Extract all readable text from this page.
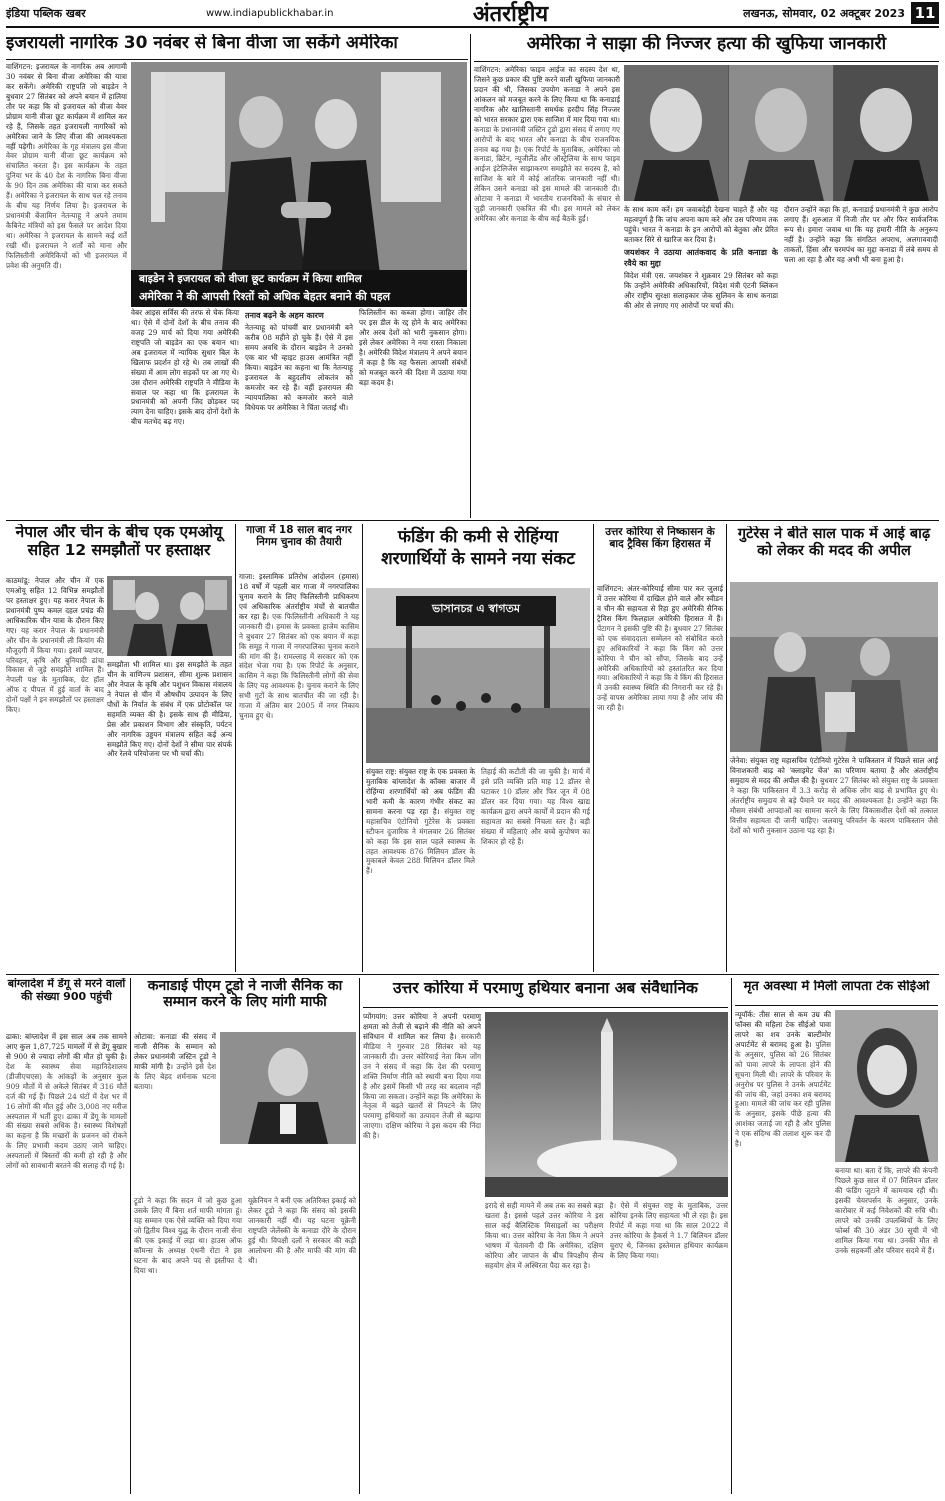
इंडिया पब्लिक खबर	www.indiapublickhabar.in	अंतर्राष्ट्रीय	लखनऊ, सोमवार, 02 अक्टूबर 2023 11
इजरायली नागरिक 30 नवंबर से बिना वीजा जा सकेंगे अमेरिका
वाशिंगटन: इजरायल के नागरिक अब आगामी 30 नवंबर से बिना वीजा अमेरिका की यात्रा कर सकेंगे। अमेरिकी राष्ट्रपति जो बाइडेन ने बुधवार 27 सितंबर को अपने बयान में हालिया तौर पर कहा कि वो इजरायल को वीजा वेवर प्रोग्राम यानी वीजा छूट कार्यक्रम में शामिल कर रहे हैं, जिसके तहत इजरायली नागरिकों को अमेरिका जाने के लिए वीजा की आवश्यकता नहीं पड़ेगी। अमेरिका के गृह मंत्रालय इस वीजा वेवर प्रोग्राम यानी वीजा छूट कार्यक्रम को संचालित करता है। इस कार्यक्रम के तहत दुनिया भर के 40 देश के नागरिक बिना वीजा के 90 दिन तक अमेरिका की यात्रा कर सकते हैं। अमेरिका ने इजरायल के साथ चल रहे तनाव के बीच यह निर्णय लिया है। इजरायल के प्रधानमंत्री बेंजामिन नेतन्याहू ने अपने तमाम कैबिनेट मंत्रियों को इस फैसले पर आदेश दिया था। अमेरिका ने इजरायल के सामने कई शर्तें रखी थीं। इजरायल ने शर्तों को माना और फिलिस्तीनी अमेरिकियों को भी इजरायल में प्रवेश की अनुमति दी।
बाइडेन ने इजरायल को वीजा छूट कार्यक्रम में किया शामिल
अमेरिका ने की आपसी रिश्तों को अधिक बेहतर बनाने की पहल
वेबर आइस सर्विस की तरफ से चेक किया था। ऐसे में दोनों देशों के बीच तनाव की वजह 29 मार्च को दिया गया अमेरिकी राष्ट्रपति जो बाइडेन का एक बयान था। अब इजरायल में न्यायिक सुधार बिल के खिलाफ प्रदर्शन हो रहे थे। तब लाखों की संख्या में आम लोग सड़कों पर आ गए थे। उस दौरान अमेरिकी राष्ट्रपति ने मीडिया के सवाल पर कहा था कि इजरायल के प्रधानमंत्री को अपनी जिद छोड़कर पद त्याग देना चाहिए। इसके बाद दोनों देशों के बीच मतभेद बढ़ गए।
तनाव बढ़ने के अहम कारण
नेतन्याहू को पांचवीं बार प्रधानमंत्री बने करीब 08 महीने हो चुके हैं। ऐसे में इस समय अवधि के दौरान बाइडेन ने उनको एक बार भी व्हाइट हाउस आमंत्रित नहीं किया। बाइडेन का कहना था कि नेतन्याहू इजरायल के बहुदलीय लोकतंत्र को कमजोर कर रहे हैं। वहीं इजरायल की न्यायपालिका को कमजोर करने वाले विधेयक पर अमेरिका ने चिंता जताई थी।
फिलिस्तीन का कब्जा होगा। जाहिर तौर पर इस डील के रद्द होने के बाद अमेरिका और अरब देशों को भारी नुकसान होगा। इसे लेकर अमेरिका ने नया रास्ता निकाला है। अमेरिकी विदेश मंत्रालय ने अपने बयान में कहा है कि यह फैसला आपसी संबंधों को मजबूत करने की दिशा में उठाया गया बड़ा कदम है।
अमेरिका ने साझा की निज्जर हत्या की खुफिया जानकारी
वाशिंगटन: अमेरिका फाइव आईज का सदस्य देश था, जिसने कुछ प्रकार की पुष्टि करने वाली खुफिया जानकारी प्रदान की थी, जिसका उपयोग कनाडा ने अपने इस आंकलन को मजबूत करने के लिए किया था कि कनाडाई नागरिक और खालिस्तानी समर्थक हरदीप सिंह निज्जर को भारत सरकार द्वारा एक साजिश में मार दिया गया था। कनाडा के प्रधानमंत्री जस्टिन ट्रूडो द्वारा संसद में लगाए गए आरोपों के बाद भारत और कनाडा के बीच राजनयिक तनाव बढ़ गया है। एक रिपोर्ट के मुताबिक, अमेरिका जो कनाडा, ब्रिटेन, न्यूजीलैंड और ऑस्ट्रेलिया के साथ फाइव आईज इंटेलिजेंस साझाकरण समझौते का सदस्य है, को साजिश के बारे में कोई आंतरिक जानकारी नहीं थी। लेकिन उसने कनाडा को इस मामले की जानकारी दी। ओटावा ने कनाडा में भारतीय राजनयिकों के संचार से जुड़ी जानकारी एकत्रित की थी। इस मामले को लेकर अमेरिका और कनाडा के बीच कई बैठकें हुईं।
के साथ काम करें। हम जवाबदेही देखना चाहते हैं और यह महत्वपूर्ण है कि जांच अपना काम करे और उस परिणाम तक पहुंचे। भारत ने कनाडा के इन आरोपों को बेतुका और प्रेरित बताकर सिरे से खारिज कर दिया है।
जयशंकर ने उठाया आतंकवाद के प्रति कनाडा के रवैये का मुद्दा
विदेश मंत्री एस. जयशंकर ने शुक्रवार 29 सितंबर को कहा कि उन्होंने अमेरिकी अधिकारियों, विदेश मंत्री एंटनी ब्लिंकन और राष्ट्रीय सुरक्षा सलाहकार जेक सुलिवन के साथ कनाडा की ओर से लगाए गए आरोपों पर चर्चा की।
दौरान उन्होंने कहा कि हां, कनाडाई प्रधानमंत्री ने कुछ आरोप लगाए हैं। शुरुआत में निजी तौर पर और फिर सार्वजनिक रूप से। हमारा जवाब था कि यह हमारी नीति के अनुरूप नहीं है। उन्होंने कहा कि संगठित अपराध, अलगाववादी ताकतों, हिंसा और चरमपंथ का मुद्दा कनाडा में लंबे समय से चला आ रहा है और यह अभी भी बना हुआ है।
नेपाल और चीन के बीच एक एमओयू सहित 12 समझौतों पर हस्ताक्षर
काठमांडू: नेपाल और चीन में एक एमओयू सहित 12 विभिन्न समझौतों पर हस्ताक्षर हुए। यह करार नेपाल के प्रधानमंत्री पुष्प कमल दहल प्रचंड की आधिकारिक चीन यात्रा के दौरान किए गए। यह करार नेपाल के प्रधानमंत्री और चीन के प्रधानमंत्री ली कियांग की मौजूदगी में किया गया। इसमें व्यापार, परिवहन, कृषि और बुनियादी ढांचा विकास से जुड़े समझौते शामिल हैं। नेपाली पक्ष के मुताबिक, ग्रेट हॉल ऑफ द पीपल में हुई वार्ता के बाद दोनों पक्षों ने इन समझौतों पर हस्ताक्षर किए।
समझौता भी शामिल था। इस समझौते के तहत चीन के वाणिज्य प्रशासन, सीमा शुल्क प्रशासन और नेपाल के कृषि और पशुधन विकास मंत्रालय ने नेपाल से चीन में औषधीय उत्पादन के लिए पौधों के निर्यात के संबंध में एक प्रोटोकॉल पर सहमति व्यक्त की है। इसके साथ ही मीडिया, प्रेस और प्रकाशन विभाग और संस्कृति, पर्यटन और नागरिक उड्डयन मंत्रालय सहित कई अन्य समझौते किए गए। दोनों देशों ने सीमा पार संपर्क और रेलवे परियोजना पर भी चर्चा की।
गाजा में 18 साल बाद नगर निगम चुनाव की तैयारी
गाजा: इस्लामिक प्रतिरोध आंदोलन (हमास) 18 वर्षों में पहली बार गाजा में नगरपालिका चुनाव कराने के लिए फिलिस्तीनी प्राधिकरण एवं अधिकारिक अंतर्राष्ट्रीय मंचों से बातचीत कर रहा है। एक फिलिस्तीनी अधिकारी ने यह जानकारी दी। हमास के प्रवक्ता हाजेम कासिम ने बुधवार 27 सितंबर को एक बयान में कहा कि समूह ने गाजा में नगरपालिका चुनाव कराने की मांग की है। रामल्लाह में सरकार को एक संदेश भेजा गया है। एक रिपोर्ट के अनुसार, कासिम ने कहा कि फिलिस्तीनी लोगों की सेवा के लिए यह आवश्यक है। चुनाव कराने के लिए सभी गुटों के साथ बातचीत की जा रही है। गाजा में अंतिम बार 2005 में नगर निकाय चुनाव हुए थे।
फंडिंग की कमी से रोहिंग्या शरणार्थियों के सामने नया संकट
ভাসানচর এ স্বাগতম
संयुक्त राष्ट्र: संयुक्त राष्ट्र के एक प्रवक्ता के मुताबिक बांग्लादेश के कॉक्स बाजार में रोहिंग्या शरणार्थियों को अब फंडिंग की भारी कमी के कारण गंभीर संकट का सामना करना पड़ रहा है। संयुक्त राष्ट्र महासचिव एंटोनियो गुटेरेस के प्रवक्ता स्टीफन दुजारिक ने मंगलवार 26 सितंबर को कहा कि इस साल पहले स्वास्थ्य के तहत आवश्यक 876 मिलियन डॉलर के मुकाबले केवल 288 मिलियन डॉलर मिले हैं।
तिहाई की कटौती की जा चुकी है। मार्च में इसे प्रति व्यक्ति प्रति माह 12 डॉलर से घटाकर 10 डॉलर और फिर जून में 08 डॉलर कर दिया गया। यह विश्व खाद्य कार्यक्रम द्वारा अपने कार्यों में प्रदान की गई सहायता का सबसे निचला स्तर है। बड़ी संख्या में महिलाएं और बच्चे कुपोषण का शिकार हो रहे हैं।
उत्तर कोरिया से निष्कासन के बाद ट्रैविस किंग हिरासत में
वाशिंगटन: अंतर-कोरियाई सीमा पार कर जुलाई में उत्तर कोरिया में दाखिल होने वाले और स्वीडन व चीन की सहायता से रिहा हुए अमेरिकी सैनिक ट्रैविस किंग फिलहाल अमेरिकी हिरासत में हैं। पेंटागन ने इसकी पुष्टि की है। बुधवार 27 सितंबर को एक संवाददाता सम्मेलन को संबोधित करते हुए अधिकारियों ने कहा कि किंग को उत्तर कोरिया ने चीन को सौंपा, जिसके बाद उन्हें अमेरिकी अधिकारियों को हस्तांतरित कर दिया गया। अधिकारियों ने कहा कि वे किंग की हिरासत में उनकी स्वास्थ्य स्थिति की निगरानी कर रहे हैं। उन्हें वापस अमेरिका लाया गया है और जांच की जा रही है।
गुटेरेस ने बीते साल पाक में आई बाढ़ को लेकर की मदद की अपील
जेनेवा: संयुक्त राष्ट्र महासचिव एंटोनियो गुटेरेस ने पाकिस्तान में पिछले साल आई विनाशकारी बाढ़ को 'क्लाइमेट चेंज' का परिणाम बताया है और अंतर्राष्ट्रीय समुदाय से मदद की अपील की है। बुधवार 27 सितंबर को संयुक्त राष्ट्र के प्रवक्ता ने कहा कि पाकिस्तान में 3.3 करोड़ से अधिक लोग बाढ़ से प्रभावित हुए थे। अंतर्राष्ट्रीय समुदाय से बड़े पैमाने पर मदद की आवश्यकता है। उन्होंने कहा कि मौसम संबंधी आपदाओं का सामना करने के लिए विकासशील देशों को तत्काल वित्तीय सहायता दी जानी चाहिए। जलवायु परिवर्तन के कारण पाकिस्तान जैसे देशों को भारी नुकसान उठाना पड़ रहा है।
बांग्लादेश में डेंगू से मरने वालों की संख्या 900 पहुंची
ढाका: बांग्लादेश में इस साल अब तक सामने आए कुल 1,87,725 मामलों में से डेंगू बुखार से 900 से ज्यादा लोगों की मौत हो चुकी है। देश के स्वास्थ्य सेवा महानिदेशालय (डीजीएचएस) के आंकड़ों के अनुसार कुल 909 मौतों में से अकेले सितंबर में 316 मौतें दर्ज की गई हैं। पिछले 24 घंटों में देश भर में 16 लोगों की मौत हुई और 3,008 नए मरीज अस्पताल में भर्ती हुए। ढाका में डेंगू के मामलों की संख्या सबसे अधिक है। स्वास्थ्य विशेषज्ञों का कहना है कि मच्छरों के प्रजनन को रोकने के लिए प्रभावी कदम उठाए जाने चाहिए। अस्पतालों में बिस्तरों की कमी हो रही है और लोगों को सावधानी बरतने की सलाह दी गई है।
कनाडाई पीएम टूडो ने नाजी सैनिक का सम्मान करने के लिए मांगी माफी
ओटावा: कनाडा की संसद में नाजी सैनिक के सम्मान को लेकर प्रधानमंत्री जस्टिन ट्रूडो ने माफी मांगी है। उन्होंने इसे देश के लिए बेहद शर्मनाक घटना बताया।
ट्रूडो ने कहा कि सदन में जो कुछ हुआ उसके लिए मैं बिना शर्त माफी मांगता हूं। यह सम्मान एक ऐसे व्यक्ति को दिया गया जो द्वितीय विश्व युद्ध के दौरान नाजी सेना की एक इकाई में लड़ा था। हाउस ऑफ कॉमन्स के अध्यक्ष एंथनी रोटा ने इस घटना के बाद अपने पद से इस्तीफा दे दिया था।
यूक्रेनियन ने बनी एक अतिरिक्त इकाई को लेकर ट्रूडो ने कहा कि संसद को इसकी जानकारी नहीं थी। यह घटना यूक्रेनी राष्ट्रपति जेलेंस्की के कनाडा दौरे के दौरान हुई थी। विपक्षी दलों ने सरकार की कड़ी आलोचना की है और माफी की मांग की थी।
उत्तर कोरिया में परमाणु हथियार बनाना अब संवैधानिक
प्योंगयांग: उत्तर कोरिया ने अपनी परमाणु क्षमता को तेजी से बढ़ाने की नीति को अपने संविधान में शामिल कर लिया है। सरकारी मीडिया ने गुरुवार 28 सितंबर को यह जानकारी दी। उत्तर कोरियाई नेता किम जोंग उन ने संसद में कहा कि देश की परमाणु शक्ति निर्माण नीति को स्थायी बना दिया गया है और इसमें किसी भी तरह का बदलाव नहीं किया जा सकता। उन्होंने कहा कि अमेरिका के नेतृत्व में बढ़ते खतरों से निपटने के लिए परमाणु हथियारों का उत्पादन तेजी से बढ़ाया जाएगा। दक्षिण कोरिया ने इस कदम की निंदा की है।
इरादे से सही मायने में अब तक का सबसे बड़ा खतरा है। इससे पहले उत्तर कोरिया ने इस साल कई बैलिस्टिक मिसाइलों का परीक्षण किया था। उत्तर कोरिया के नेता किम ने अपने भाषण में चेतावनी दी कि अमेरिका, दक्षिण कोरिया और जापान के बीच त्रिपक्षीय सैन्य सहयोग क्षेत्र में अस्थिरता पैदा कर रहा है।
है। ऐसे में संयुक्त राष्ट्र के मुताबिक, उत्तर कोरिया इनके लिए सहायता भी ले रहा है। इस रिपोर्ट में कहा गया था कि साल 2022 में उत्तर कोरिया के हैकर्स ने 1.7 बिलियन डॉलर चुराए थे, जिनका इस्तेमाल हथियार कार्यक्रम के लिए किया गया।
मृत अवस्था में मिली लापता टेक सीईओ
न्यूयॉर्क: तीस साल से कम उम्र की फॉक्स की महिला टेक सीईओ पावा लापरे का शव उनके बाल्टीमोर अपार्टमेंट से बरामद हुआ है। पुलिस के अनुसार, पुलिस को 26 सितंबर को पावा लापरे के लापता होने की सूचना मिली थी। लापरे के परिवार के अनुरोध पर पुलिस ने उनके अपार्टमेंट की जांच की, जहां उनका शव बरामद हुआ। मामले की जांच कर रही पुलिस के अनुसार, इसके पीछे हत्या की आशंका जताई जा रही है और पुलिस ने एक संदिग्ध की तलाश शुरू कर दी है।
बनाया था। बता दें कि, लापरे की कंपनी पिछले कुछ साल में 07 मिलियन डॉलर की फंडिंग जुटाने में कामयाब रही थी। इसकी चेयरपर्सन के अनुसार, उनके कारोबार में कई निवेशकों की रुचि थी। लापरे को उनकी उपलब्धियों के लिए फोर्ब्स की 30 अंडर 30 सूची में भी शामिल किया गया था। उनकी मौत से उनके सहकर्मी और परिवार सदमे में हैं।
